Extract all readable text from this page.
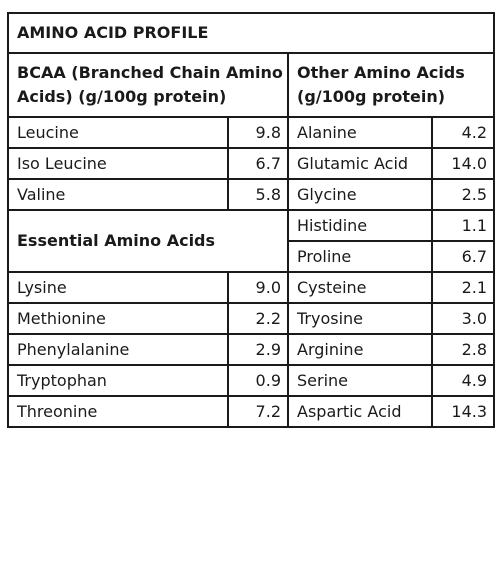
AMINO ACID PROFILE			
BCAA (Branched Chain Amino Acids) (g/100g protein)		Other Amino Acids (g/100g protein)	
Leucine	9.8	Alanine	4.2
Iso Leucine	6.7	Glutamic Acid	14.0
Valine	5.8	Glycine	2.5
Essential Amino Acids		Histidine	1.1
		Proline	6.7
Lysine	9.0	Cysteine	2.1
Methionine	2.2	Tryosine	3.0
Phenylalanine	2.9	Arginine	2.8
Tryptophan	0.9	Serine	4.9
Threonine	7.2	Aspartic Acid	14.3
